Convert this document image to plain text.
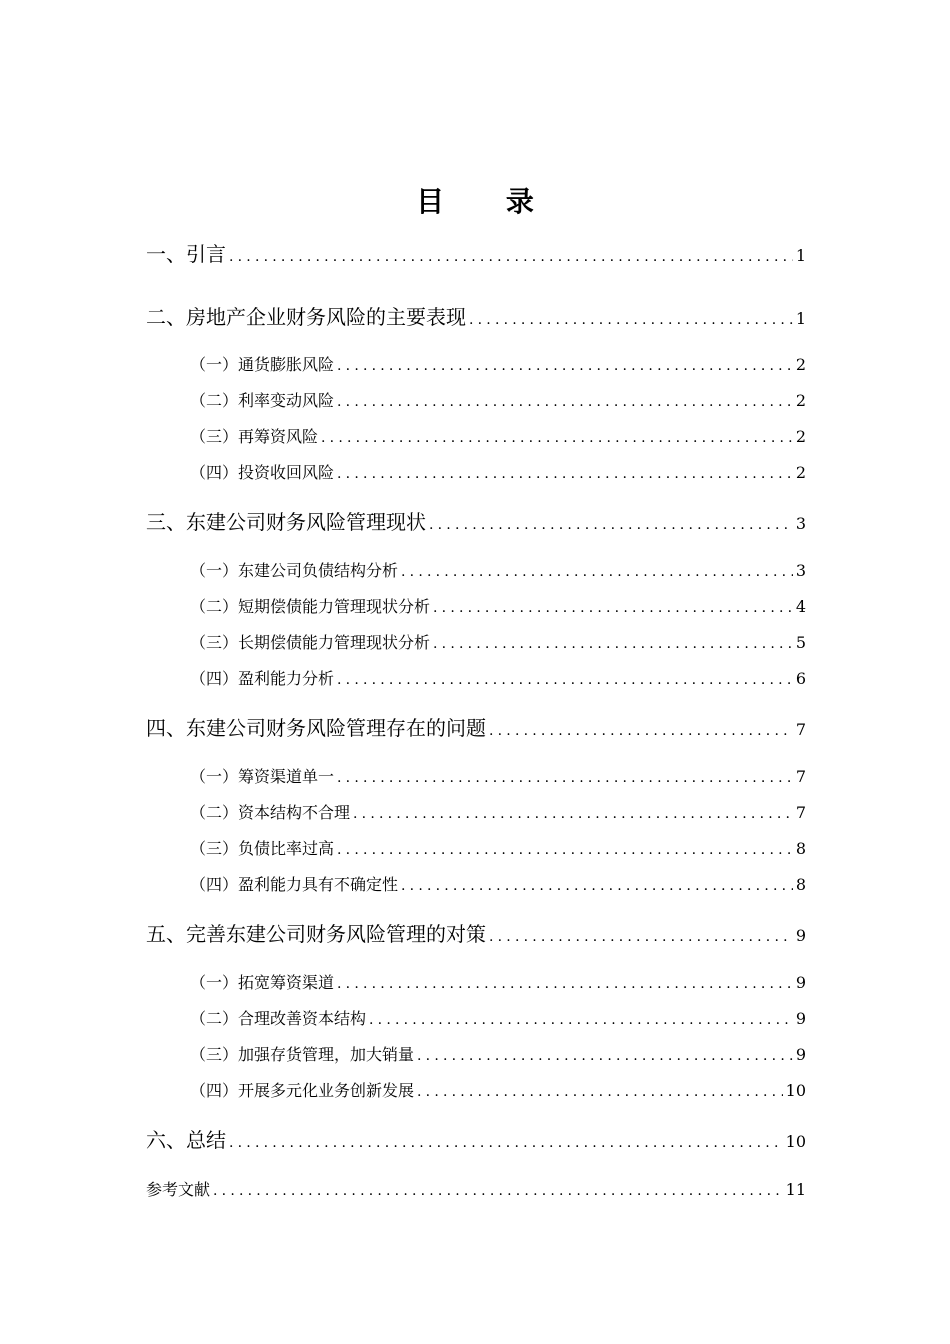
目 录
一、引言 .....	1
二、房地产企业财务风险的主要表现 .....	1
（一）通货膨胀风险 .....	2
（二）利率变动风险 .....	2
（三）再筹资风险 .....	2
（四）投资收回风险 .....	2
三、东建公司财务风险管理现状 .....	3
（一）东建公司负债结构分析 .....	3
（二）短期偿债能力管理现状分析 .....	4
（三）长期偿债能力管理现状分析 .....	5
（四）盈利能力分析 .....	6
四、东建公司财务风险管理存在的问题 .....	7
（一）筹资渠道单一 .....	7
（二）资本结构不合理 .....	7
（三）负债比率过高 .....	8
（四）盈利能力具有不确定性 .....	8
五、完善东建公司财务风险管理的对策 .....	9
（一）拓宽筹资渠道 .....	9
（二）合理改善资本结构 .....	9
（三）加强存货管理，加大销量 .....	9
（四）开展多元化业务创新发展 .....	10
六、总结 .....	10
参考文献 .....	11
